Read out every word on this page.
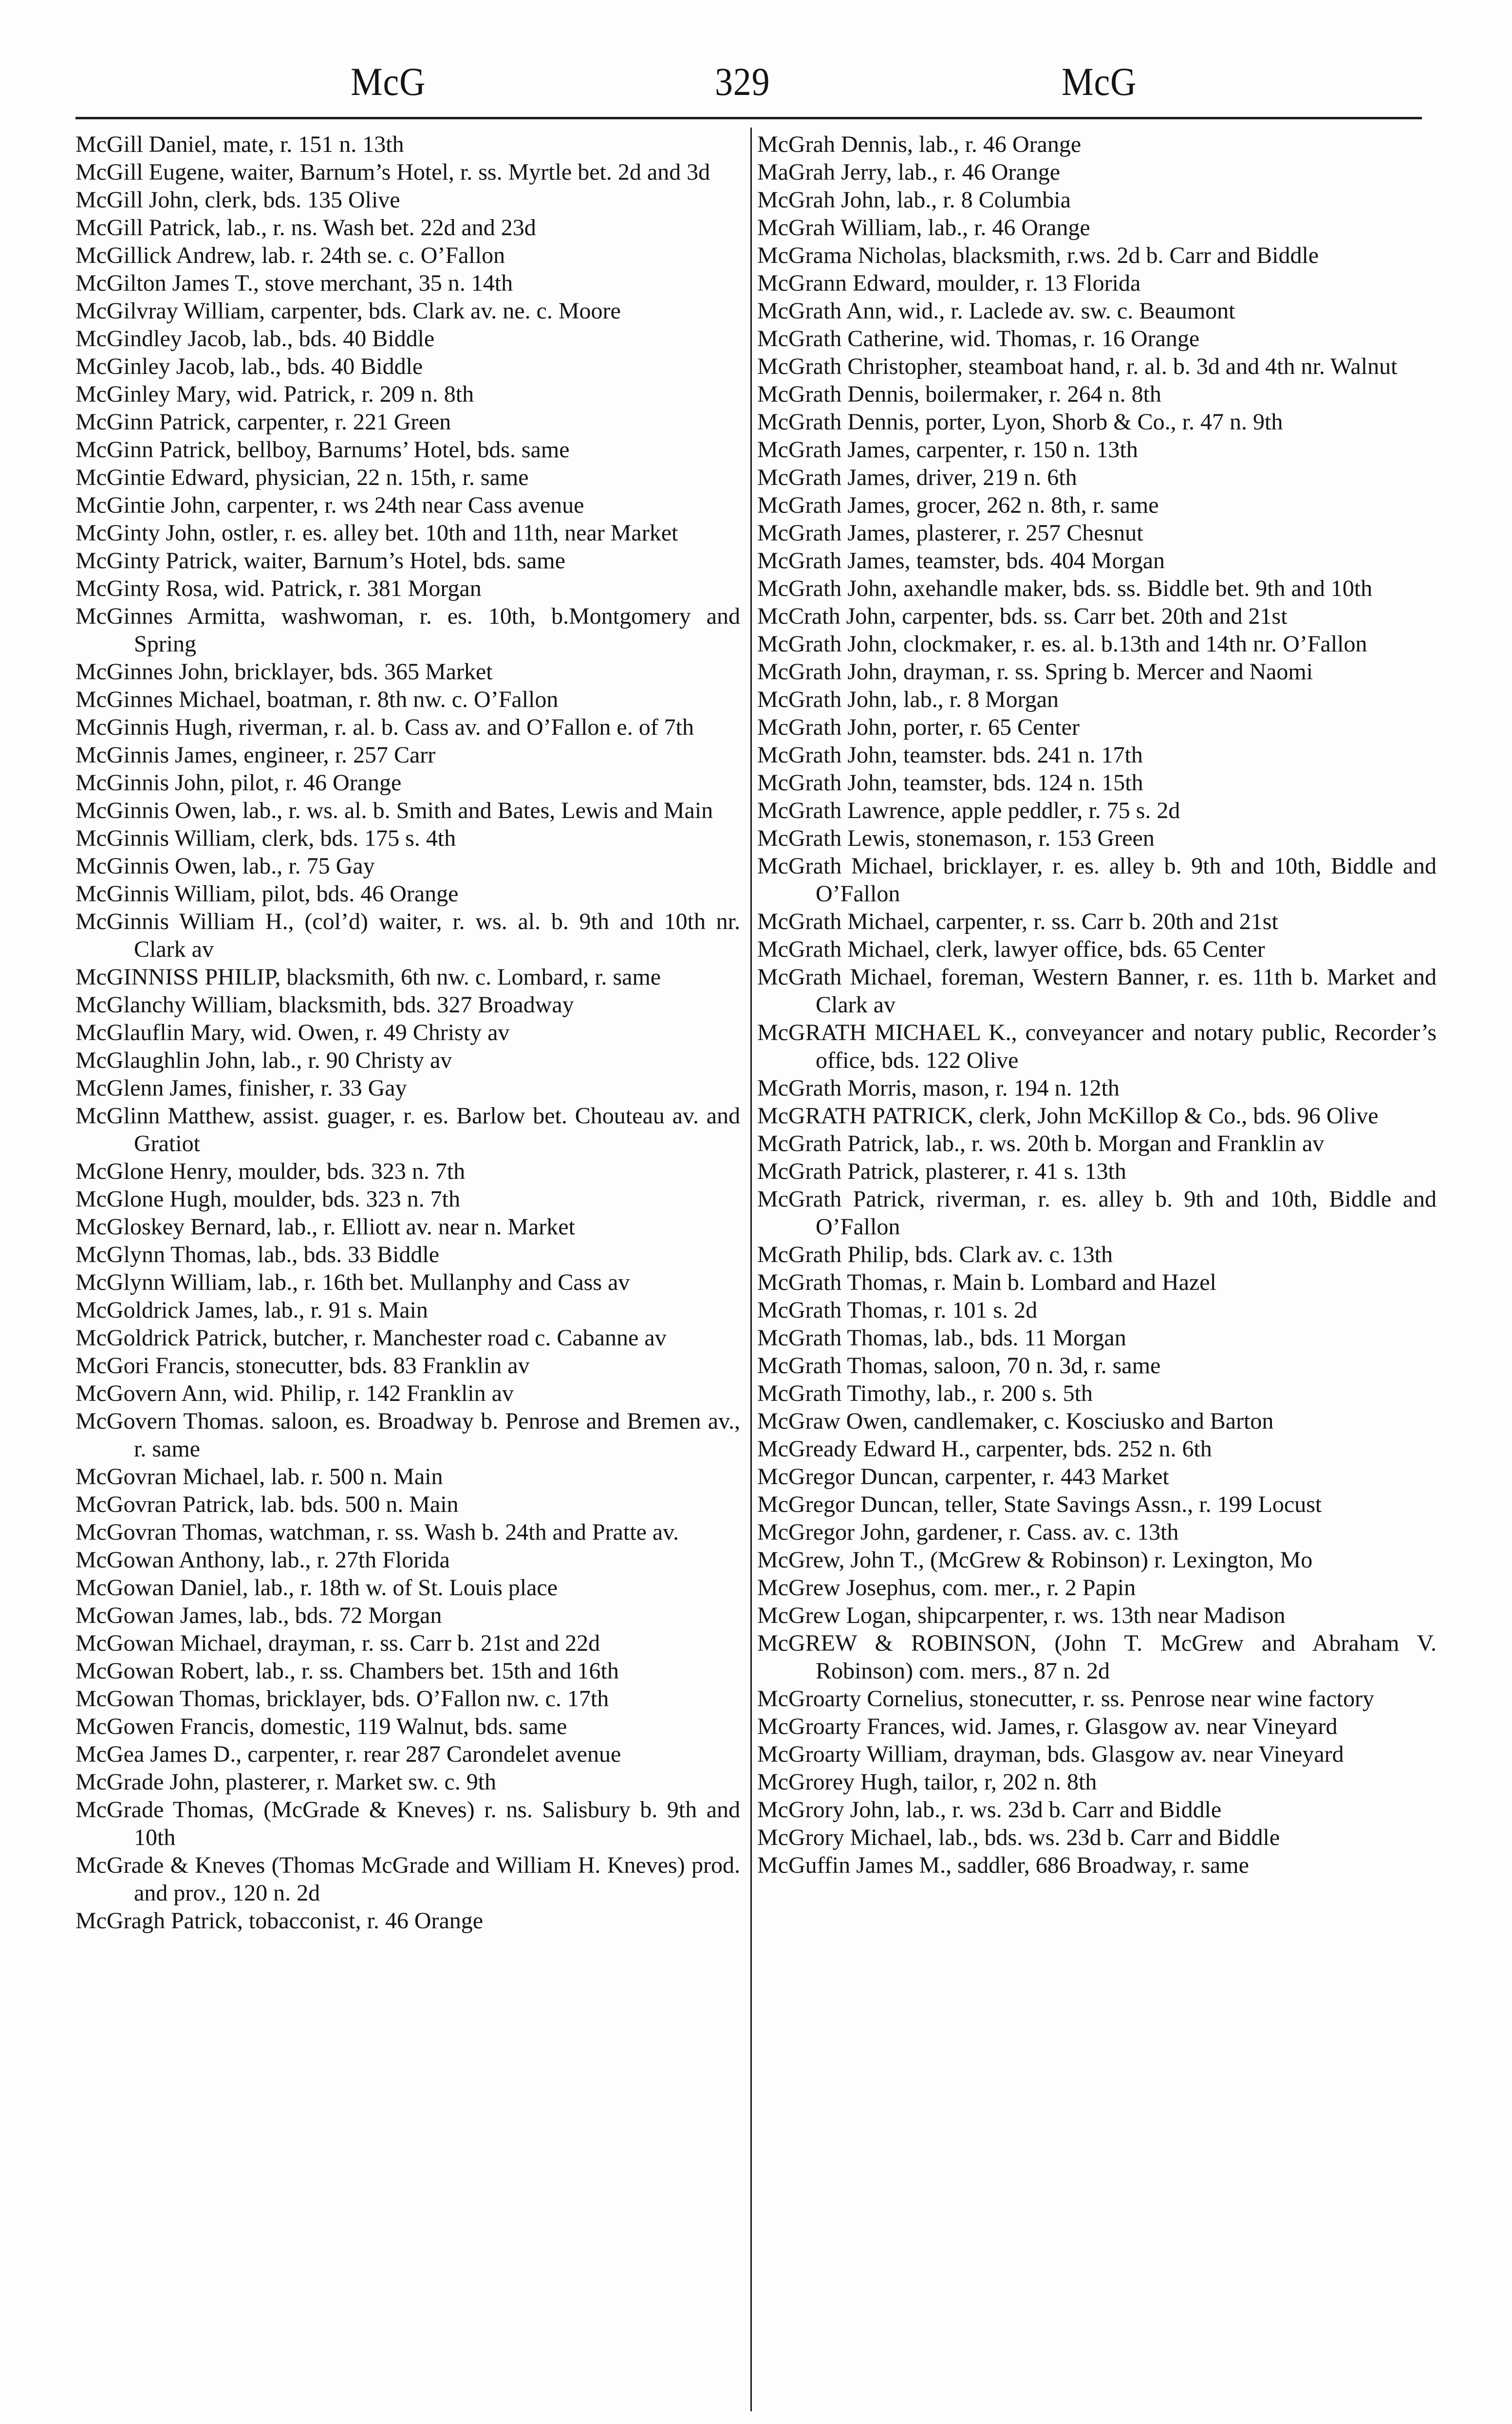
McG	329	McG
McGill Daniel, mate, r. 151 n. 13th
McGill Eugene, waiter, Barnum’s Hotel, r. ss. Myrtle bet. 2d and 3d
McGill John, clerk, bds. 135 Olive
McGill Patrick, lab., r. ns. Wash bet. 22d and 23d
McGillick Andrew, lab. r. 24th se. c. O’Fallon
McGilton James T., stove merchant, 35 n. 14th
McGilvray William, carpenter, bds. Clark av. ne. c. Moore
McGindley Jacob, lab., bds. 40 Biddle
McGinley Jacob, lab., bds. 40 Biddle
McGinley Mary, wid. Patrick, r. 209 n. 8th
McGinn Patrick, carpenter, r. 221 Green
McGinn Patrick, bellboy, Barnums’ Hotel, bds. same
McGintie Edward, physician, 22 n. 15th, r. same
McGintie John, carpenter, r. ws 24th near Cass avenue
McGinty John, ostler, r. es. alley bet. 10th and 11th, near Market
McGinty Patrick, waiter, Barnum’s Hotel, bds. same
McGinty Rosa, wid. Patrick, r. 381 Morgan
McGinnes Armitta, washwoman, r. es. 10th, b.Montgomery and Spring
McGinnes John, bricklayer, bds. 365 Market
McGinnes Michael, boatman, r. 8th nw. c. O’Fallon
McGinnis Hugh, riverman, r. al. b. Cass av. and O’Fallon e. of 7th
McGinnis James, engineer, r. 257 Carr
McGinnis John, pilot, r. 46 Orange
McGinnis Owen, lab., r. ws. al. b. Smith and Bates, Lewis and Main
McGinnis William, clerk, bds. 175 s. 4th
McGinnis Owen, lab., r. 75 Gay
McGinnis William, pilot, bds. 46 Orange
McGinnis William H., (col’d) waiter, r. ws. al. b. 9th and 10th nr. Clark av
McGINNISS PHILIP, blacksmith, 6th nw. c. Lombard, r. same
McGlanchy William, blacksmith, bds. 327 Broadway
McGlauflin Mary, wid. Owen, r. 49 Christy av
McGlaughlin John, lab., r. 90 Christy av
McGlenn James, finisher, r. 33 Gay
McGlinn Matthew, assist. guager, r. es. Barlow bet. Chouteau av. and Gratiot
McGlone Henry, moulder, bds. 323 n. 7th
McGlone Hugh, moulder, bds. 323 n. 7th
McGloskey Bernard, lab., r. Elliott av. near n. Market
McGlynn Thomas, lab., bds. 33 Biddle
McGlynn William, lab., r. 16th bet. Mullanphy and Cass av
McGoldrick James, lab., r. 91 s. Main
McGoldrick Patrick, butcher, r. Manchester road c. Cabanne av
McGori Francis, stonecutter, bds. 83 Franklin av
McGovern Ann, wid. Philip, r. 142 Franklin av
McGovern Thomas. saloon, es. Broadway b. Penrose and Bremen av., r. same
McGovran Michael, lab. r. 500 n. Main
McGovran Patrick, lab. bds. 500 n. Main
McGovran Thomas, watchman, r. ss. Wash b. 24th and Pratte av.
McGowan Anthony, lab., r. 27th Florida
McGowan Daniel, lab., r. 18th w. of St. Louis place
McGowan James, lab., bds. 72 Morgan
McGowan Michael, drayman, r. ss. Carr b. 21st and 22d
McGowan Robert, lab., r. ss. Chambers bet. 15th and 16th
McGowan Thomas, bricklayer, bds. O’Fallon nw. c. 17th
McGowen Francis, domestic, 119 Walnut, bds. same
McGea James D., carpenter, r. rear 287 Carondelet avenue
McGrade John, plasterer, r. Market sw. c. 9th
McGrade Thomas, (McGrade & Kneves) r. ns. Salisbury b. 9th and 10th
McGrade & Kneves (Thomas McGrade and William H. Kneves) prod. and prov., 120 n. 2d
McGragh Patrick, tobacconist, r. 46 Orange
McGrah Dennis, lab., r. 46 Orange
MaGrah Jerry, lab., r. 46 Orange
McGrah John, lab., r. 8 Columbia
McGrah William, lab., r. 46 Orange
McGrama Nicholas, blacksmith, r.ws. 2d b. Carr and Biddle
McGrann Edward, moulder, r. 13 Florida
McGrath Ann, wid., r. Laclede av. sw. c. Beaumont
McGrath Catherine, wid. Thomas, r. 16 Orange
McGrath Christopher, steamboat hand, r. al. b. 3d and 4th nr. Walnut
McGrath Dennis, boilermaker, r. 264 n. 8th
McGrath Dennis, porter, Lyon, Shorb & Co., r. 47 n. 9th
McGrath James, carpenter, r. 150 n. 13th
McGrath James, driver, 219 n. 6th
McGrath James, grocer, 262 n. 8th, r. same
McGrath James, plasterer, r. 257 Chesnut
McGrath James, teamster, bds. 404 Morgan
McGrath John, axehandle maker, bds. ss. Biddle bet. 9th and 10th
McCrath John, carpenter, bds. ss. Carr bet. 20th and 21st
McGrath John, clockmaker, r. es. al. b.13th and 14th nr. O’Fallon
McGrath John, drayman, r. ss. Spring b. Mercer and Naomi
McGrath John, lab., r. 8 Morgan
McGrath John, porter, r. 65 Center
McGrath John, teamster. bds. 241 n. 17th
McGrath John, teamster, bds. 124 n. 15th
McGrath Lawrence, apple peddler, r. 75 s. 2d
McGrath Lewis, stonemason, r. 153 Green
McGrath Michael, bricklayer, r. es. alley b. 9th and 10th, Biddle and O’Fallon
McGrath Michael, carpenter, r. ss. Carr b. 20th and 21st
McGrath Michael, clerk, lawyer office, bds. 65 Center
McGrath Michael, foreman, Western Banner, r. es. 11th b. Market and Clark av
McGRATH MICHAEL K., conveyancer and notary public, Recorder’s office, bds. 122 Olive
McGrath Morris, mason, r. 194 n. 12th
McGRATH PATRICK, clerk, John McKillop & Co., bds. 96 Olive
McGrath Patrick, lab., r. ws. 20th b. Morgan and Franklin av
McGrath Patrick, plasterer, r. 41 s. 13th
McGrath Patrick, riverman, r. es. alley b. 9th and 10th, Biddle and O’Fallon
McGrath Philip, bds. Clark av. c. 13th
McGrath Thomas, r. Main b. Lombard and Hazel
McGrath Thomas, r. 101 s. 2d
McGrath Thomas, lab., bds. 11 Morgan
McGrath Thomas, saloon, 70 n. 3d, r. same
McGrath Timothy, lab., r. 200 s. 5th
McGraw Owen, candlemaker, c. Kosciusko and Barton
McGready Edward H., carpenter, bds. 252 n. 6th
McGregor Duncan, carpenter, r. 443 Market
McGregor Duncan, teller, State Savings Assn., r. 199 Locust
McGregor John, gardener, r. Cass. av. c. 13th
McGrew, John T., (McGrew & Robinson) r. Lexington, Mo
McGrew Josephus, com. mer., r. 2 Papin
McGrew Logan, shipcarpenter, r. ws. 13th near Madison
McGREW & ROBINSON, (John T. McGrew and Abraham V. Robinson) com. mers., 87 n. 2d
McGroarty Cornelius, stonecutter, r. ss. Penrose near wine factory
McGroarty Frances, wid. James, r. Glasgow av. near Vineyard
McGroarty William, drayman, bds. Glasgow av. near Vineyard
McGrorey Hugh, tailor, r, 202 n. 8th
McGrory John, lab., r. ws. 23d b. Carr and Biddle
McGrory Michael, lab., bds. ws. 23d b. Carr and Biddle
McGuffin James M., saddler, 686 Broadway, r. same
